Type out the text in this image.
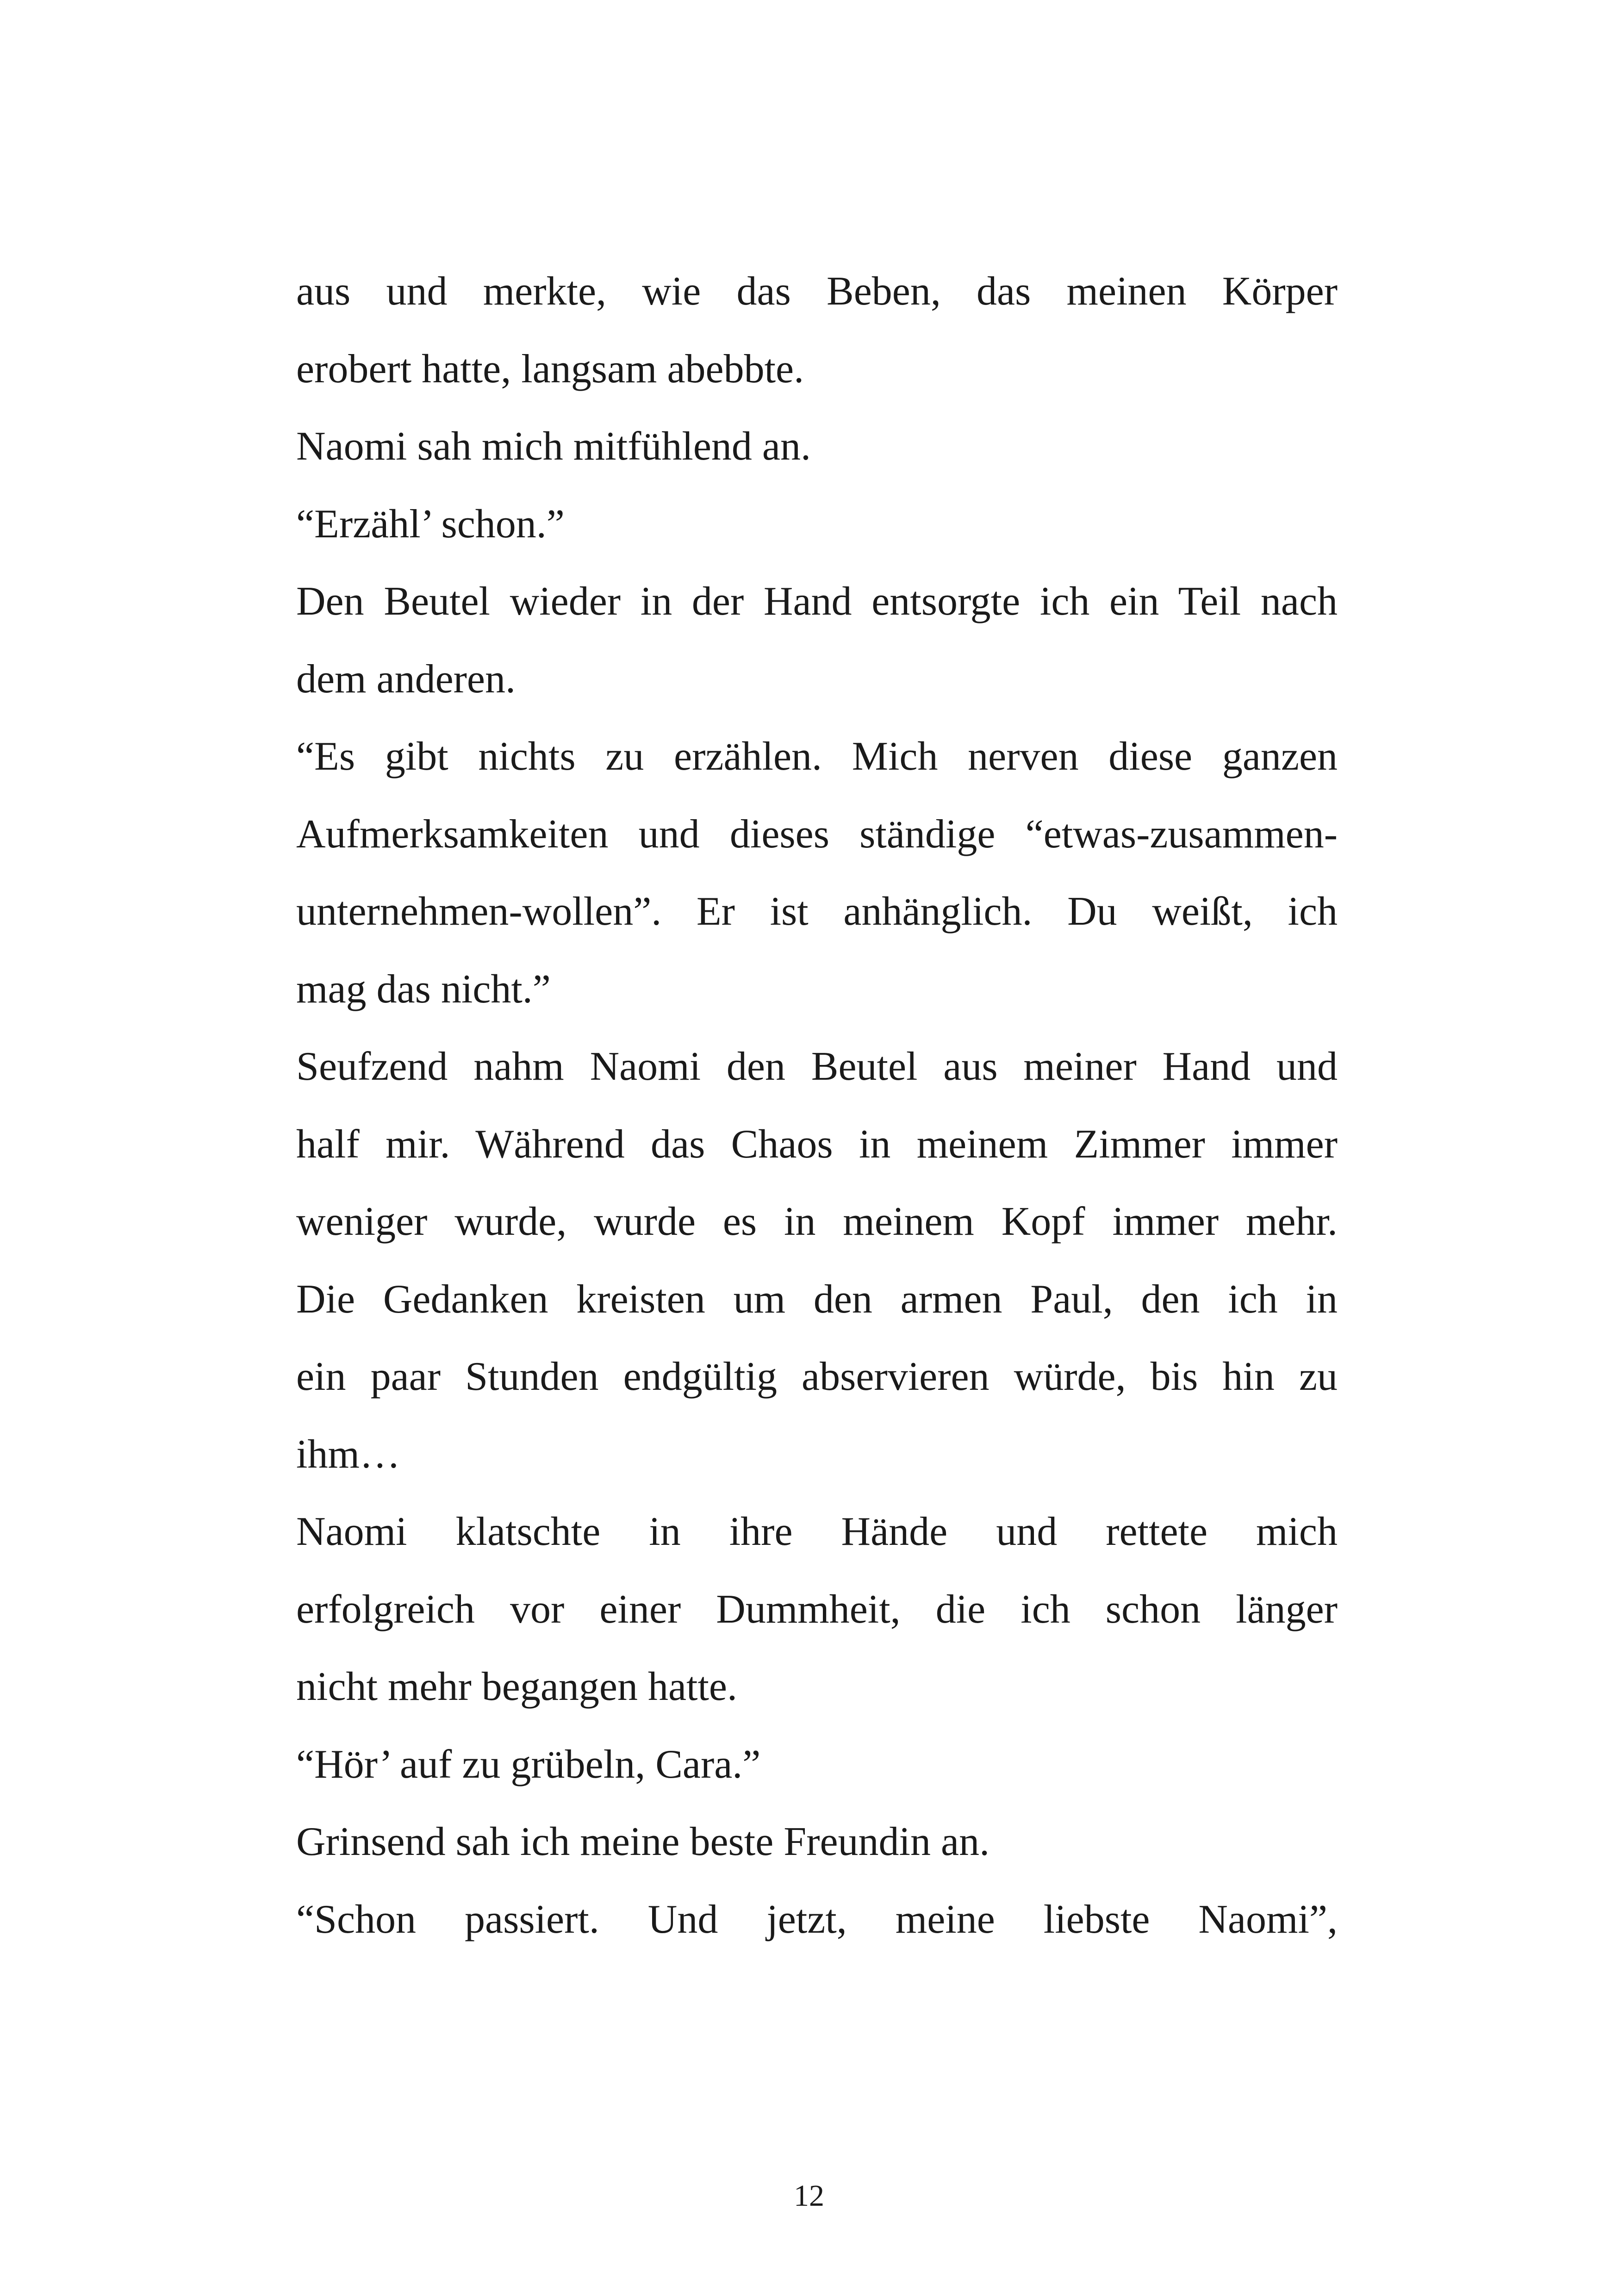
aus und merkte, wie das Beben, das meinen Körper
erobert hatte, langsam abebbte.
Naomi sah mich mitfühlend an.
“Erzähl’ schon.”
Den Beutel wieder in der Hand entsorgte ich ein Teil nach
dem anderen.
“Es gibt nichts zu erzählen. Mich nerven diese ganzen
Aufmerksamkeiten und dieses ständige “etwas-zusammen-
unternehmen-wollen”. Er ist anhänglich. Du weißt, ich
mag das nicht.”
Seufzend nahm Naomi den Beutel aus meiner Hand und
half mir. Während das Chaos in meinem Zimmer immer
weniger wurde, wurde es in meinem Kopf immer mehr.
Die Gedanken kreisten um den armen Paul, den ich in
ein paar Stunden endgültig abservieren würde, bis hin zu
ihm…
Naomi klatschte in ihre Hände und rettete mich
erfolgreich vor einer Dummheit, die ich schon länger
nicht mehr begangen hatte.
“Hör’ auf zu grübeln, Cara.”
Grinsend sah ich meine beste Freundin an.
“Schon passiert. Und jetzt, meine liebste Naomi”,
12
